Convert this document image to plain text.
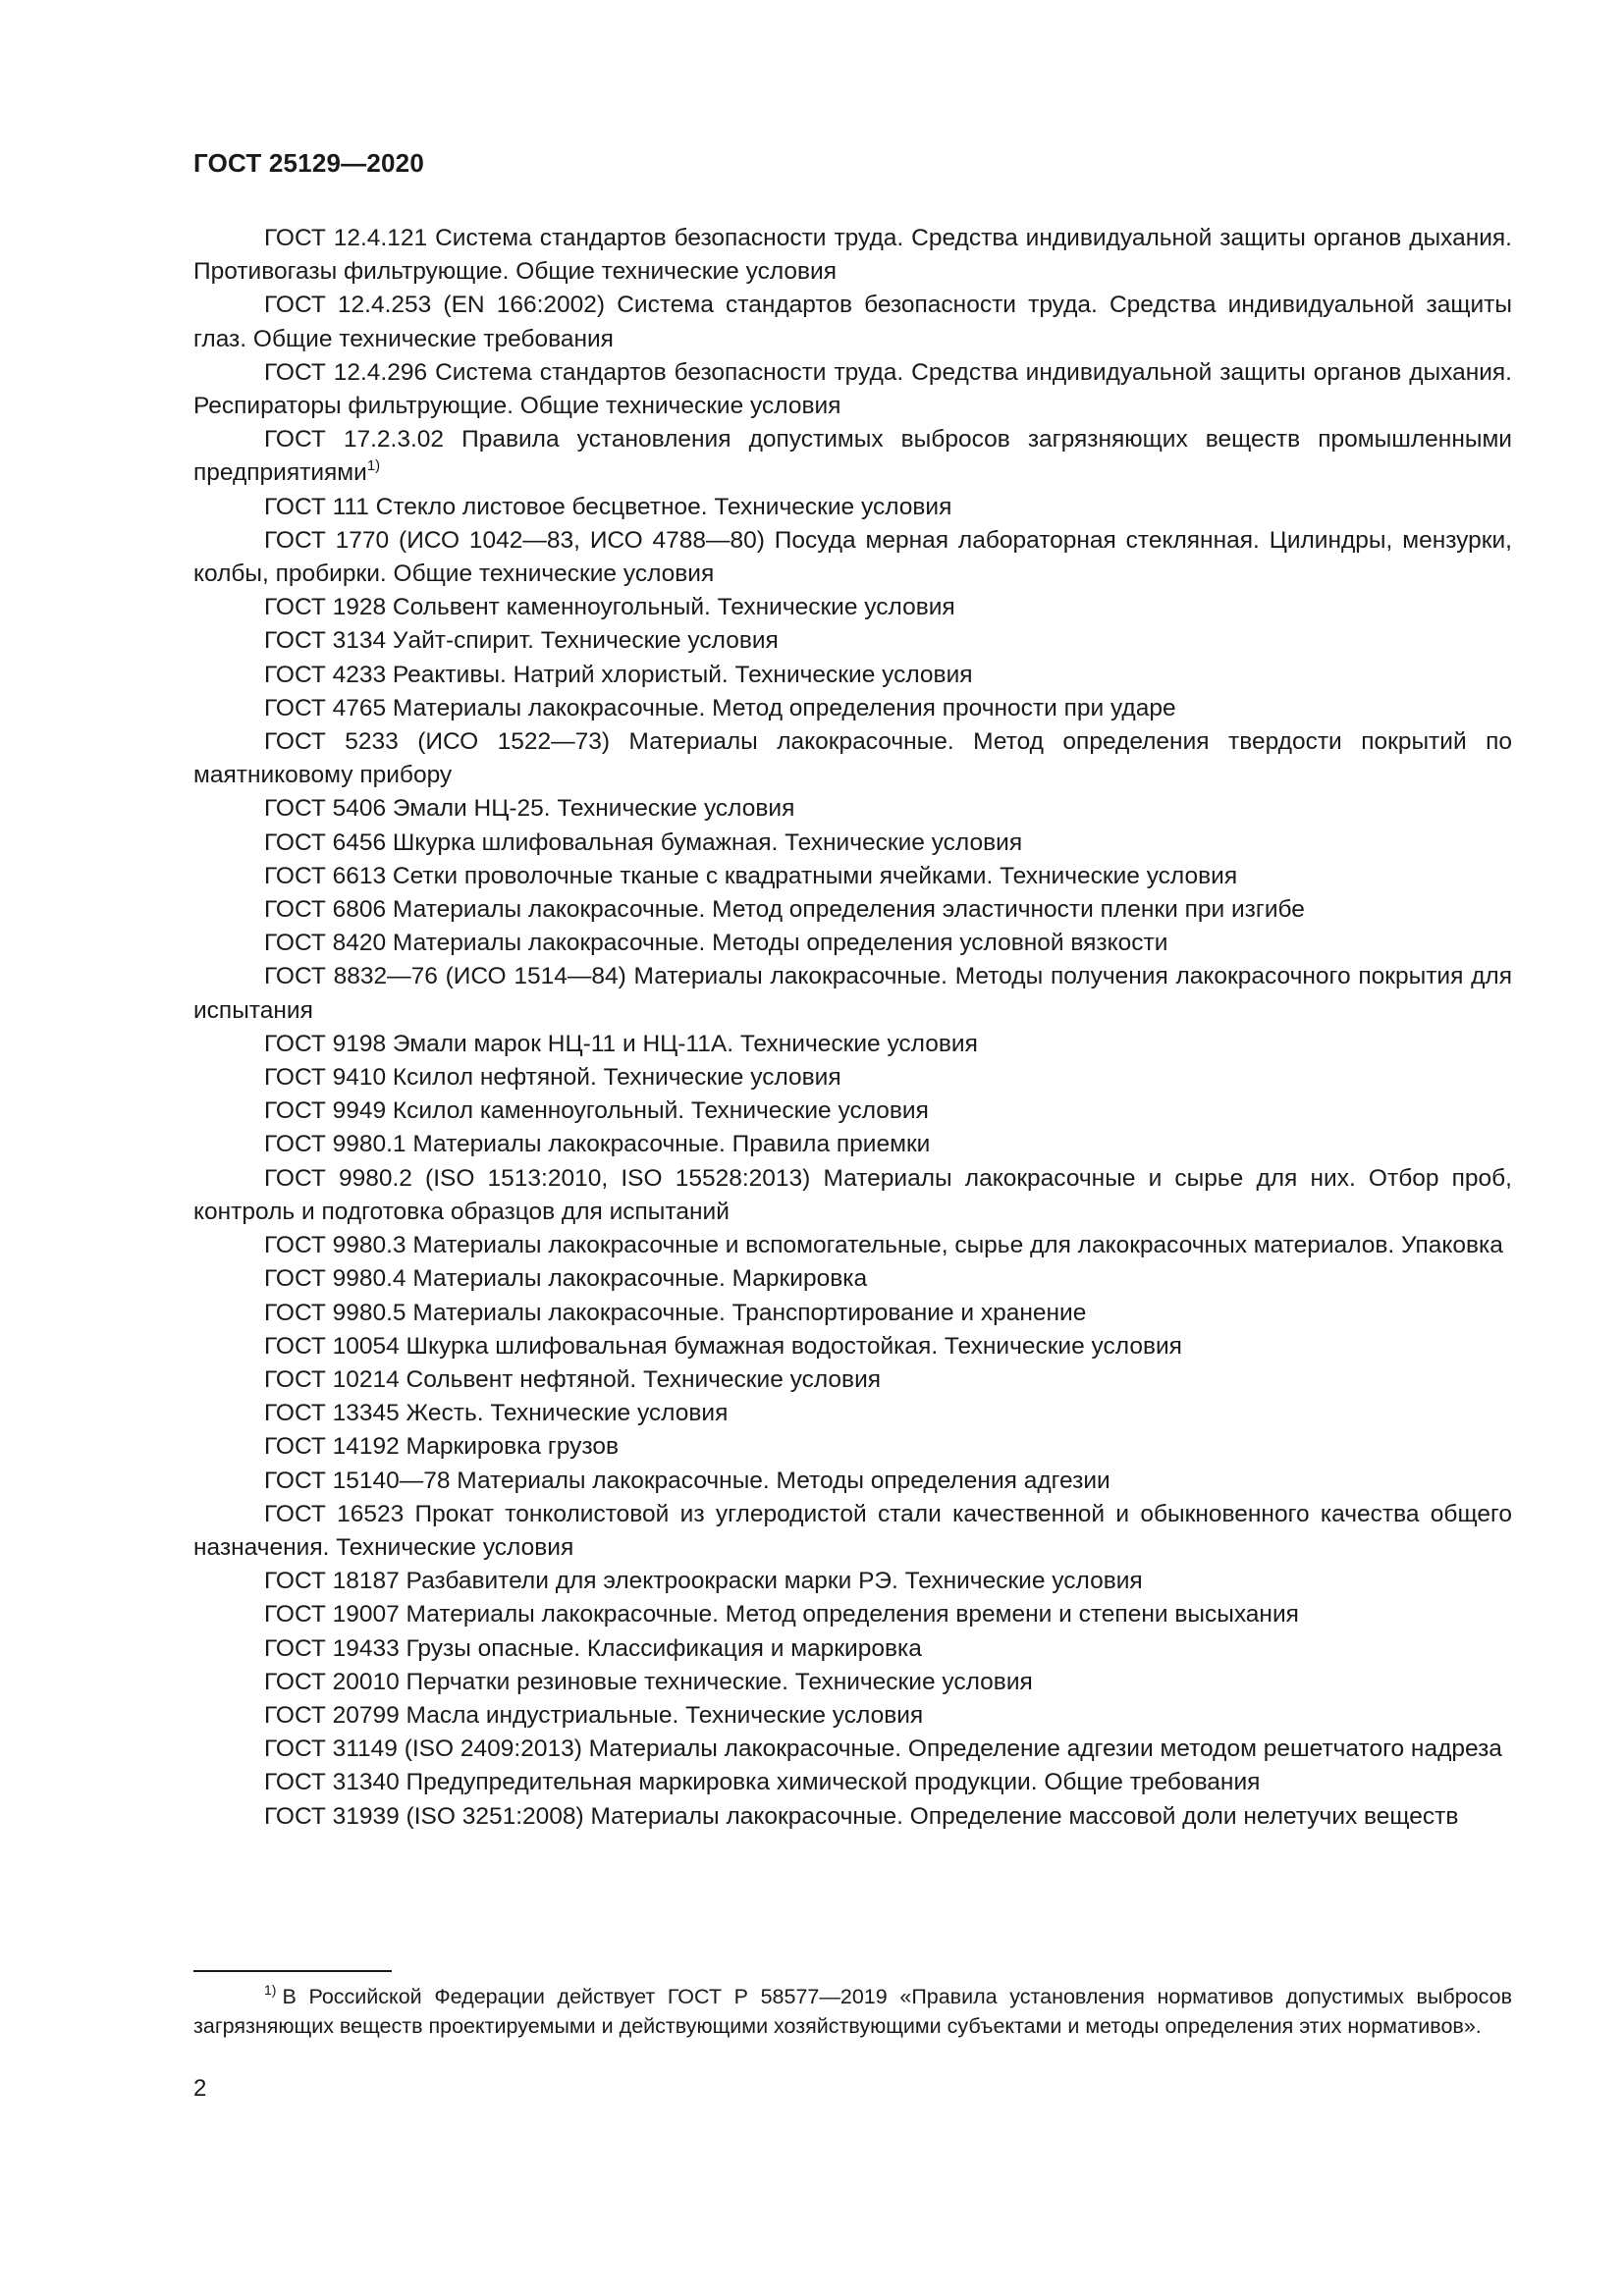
ГОСТ 25129—2020

ГОСТ 12.4.121 Система стандартов безопасности труда. Средства индивидуальной защиты органов дыхания. Противогазы фильтрующие. Общие технические условия

ГОСТ 12.4.253 (EN 166:2002) Система стандартов безопасности труда. Средства индивидуальной защиты глаз. Общие технические требования

ГОСТ 12.4.296 Система стандартов безопасности труда. Средства индивидуальной защиты органов дыхания. Респираторы фильтрующие. Общие технические условия

ГОСТ 17.2.3.02 Правила установления допустимых выбросов загрязняющих веществ промышленными предприятиями$^{1)}$

ГОСТ 111 Стекло листовое бесцветное. Технические условия

ГОСТ 1770 (ИСО 1042—83, ИСО 4788—80) Посуда мерная лабораторная стеклянная. Цилиндры, мензурки, колбы, пробирки. Общие технические условия

ГОСТ 1928 Сольвент каменноугольный. Технические условия

ГОСТ 3134 Уайт-спирит. Технические условия

ГОСТ 4233 Реактивы. Натрий хлористый. Технические условия

ГОСТ 4765 Материалы лакокрасочные. Метод определения прочности при ударе

ГОСТ 5233 (ИСО 1522—73) Материалы лакокрасочные. Метод определения твердости покрытий по маятниковому прибору

ГОСТ 5406 Эмали НЦ-25. Технические условия

ГОСТ 6456 Шкурка шлифовальная бумажная. Технические условия

ГОСТ 6613 Сетки проволочные тканые с квадратными ячейками. Технические условия

ГОСТ 6806 Материалы лакокрасочные. Метод определения эластичности пленки при изгибе

ГОСТ 8420 Материалы лакокрасочные. Методы определения условной вязкости

ГОСТ 8832—76 (ИСО 1514—84) Материалы лакокрасочные. Методы получения лакокрасочного покрытия для испытания

ГОСТ 9198 Эмали марок НЦ-11 и НЦ-11А. Технические условия

ГОСТ 9410 Ксилол нефтяной. Технические условия

ГОСТ 9949 Ксилол каменноугольный. Технические условия

ГОСТ 9980.1 Материалы лакокрасочные. Правила приемки

ГОСТ 9980.2 (ISO 1513:2010, ISO 15528:2013) Материалы лакокрасочные и сырье для них. Отбор проб, контроль и подготовка образцов для испытаний

ГОСТ 9980.3 Материалы лакокрасочные и вспомогательные, сырье для лакокрасочных материалов. Упаковка

ГОСТ 9980.4 Материалы лакокрасочные. Маркировка

ГОСТ 9980.5 Материалы лакокрасочные. Транспортирование и хранение

ГОСТ 10054 Шкурка шлифовальная бумажная водостойкая. Технические условия

ГОСТ 10214 Сольвент нефтяной. Технические условия

ГОСТ 13345 Жесть. Технические условия

ГОСТ 14192 Маркировка грузов

ГОСТ 15140—78 Материалы лакокрасочные. Методы определения адгезии

ГОСТ 16523 Прокат тонколистовой из углеродистой стали качественной и обыкновенного качества общего назначения. Технические условия

ГОСТ 18187 Разбавители для электроокраски марки РЭ. Технические условия

ГОСТ 19007 Материалы лакокрасочные. Метод определения времени и степени высыхания

ГОСТ 19433 Грузы опасные. Классификация и маркировка

ГОСТ 20010 Перчатки резиновые технические. Технические условия

ГОСТ 20799 Масла индустриальные. Технические условия

ГОСТ 31149 (ISO 2409:2013) Материалы лакокрасочные. Определение адгезии методом решетчатого надреза

ГОСТ 31340 Предупредительная маркировка химической продукции. Общие требования

ГОСТ 31939 (ISO 3251:2008) Материалы лакокрасочные. Определение массовой доли нелетучих веществ

$^{1)}$ В Российской Федерации действует ГОСТ Р 58577—2019 «Правила установления нормативов допустимых выбросов загрязняющих веществ проектируемыми и действующими хозяйствующими субъектами и методы определения этих нормативов».

2
